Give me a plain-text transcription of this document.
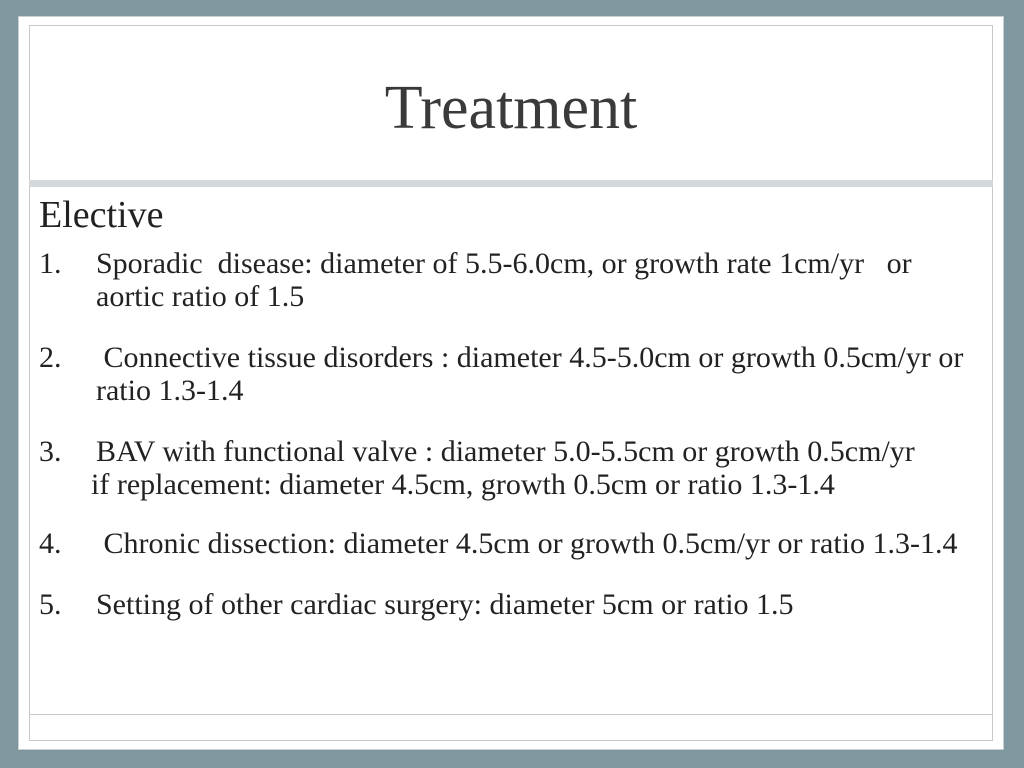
Treatment
Elective
1. Sporadic  disease: diameter of 5.5-6.0cm, or growth rate 1cm/yr   or aortic ratio of 1.5
2. Connective tissue disorders : diameter 4.5-5.0cm or growth 0.5cm/yr or ratio 1.3-1.4
3. BAV with functional valve : diameter 5.0-5.5cm or growth 0.5cm/yr
if replacement: diameter 4.5cm, growth 0.5cm or ratio 1.3-1.4
4. Chronic dissection: diameter 4.5cm or growth 0.5cm/yr or ratio 1.3-1.4
5. Setting of other cardiac surgery: diameter 5cm or ratio 1.5
